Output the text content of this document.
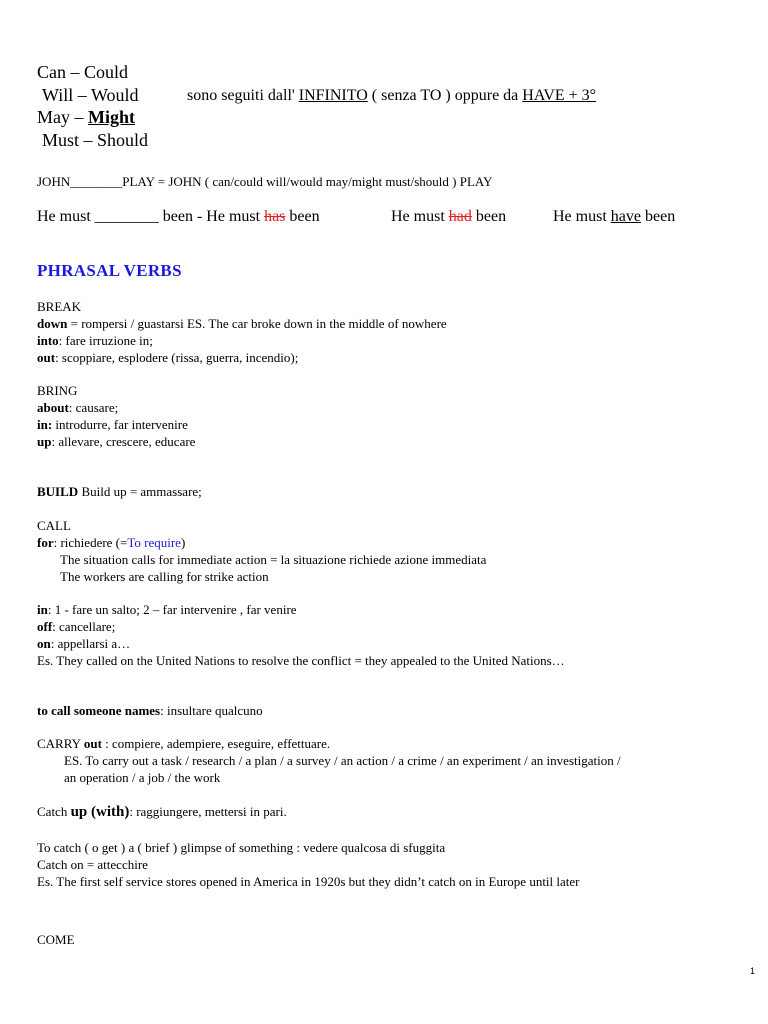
Can – Could
Will – Would
May – Might
Must – Should
sono seguiti dall' INFINITO ( senza TO ) oppure da HAVE + 3°
JOHN________PLAY = JOHN ( can/could will/would may/might must/should ) PLAY
He must ________ been - He must has been	He must had been	He must have been
PHRASAL VERBS
BREAK
down = rompersi / guastarsi ES. The car broke down in the middle of nowhere
into: fare irruzione in;
out: scoppiare, esplodere (rissa, guerra, incendio);
BRING
about: causare;
in: introdurre, far intervenire
up: allevare, crescere, educare
BUILD Build up = ammassare;
CALL
for: richiedere (=To require)
The situation calls for immediate action = la situazione richiede azione immediata
The workers are calling for strike action
in: 1 - fare un salto; 2 – far intervenire , far venire
off: cancellare;
on: appellarsi a…
Es. They called on the United Nations to resolve the conflict = they appealed to the United Nations…
to call someone names: insultare qualcuno
CARRY out : compiere, adempiere, eseguire, effettuare.
ES. To carry out a task / research / a plan / a survey / an action / a crime / an experiment / an investigation /
an operation / a job / the work
Catch up (with): raggiungere, mettersi in pari.
To catch ( o get ) a ( brief ) glimpse of something : vedere qualcosa di sfuggita
Catch on = attecchire
Es. The first self service stores opened in America in 1920s but they didn’t catch on in Europe until later
COME
1
